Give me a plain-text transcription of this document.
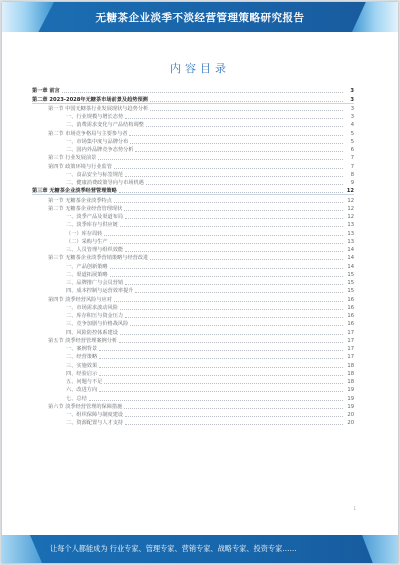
无糖茶企业淡季不淡经营管理策略研究报告
内容目录
第一章 前言	3
第二章 2023-2028年无糖茶市场前景及趋势预测	3
第一节 中国无糖茶行业发展现状与趋势分析	3
一、行业规模与增长态势	3
二、消费需求变化与产品结构调整	4
第二节 市场竞争格局与主要参与者	5
一、市场集中度与品牌分布	5
二、国内外品牌竞争态势分析	6
第三节 行业发展前景	7
第四节 政策环境与行业监管	7
一、食品安全与标签规范	8
二、健康消费政策导向与市场机遇	9
第三章 无糖茶企业淡季经营管理策略	12
第一节 无糖茶企业淡季特点	12
第二节 无糖茶企业经营管理现状	12
一、淡季产品及渠道布局	12
二、淡季库存与供应链	13
（一）库存周转	13
（二）采购与生产	13
三、人员管理与组织效能	14
第三节 无糖茶企业淡季营销策略与经营改进	14
一、产品创新策略	14
二、渠道拓展策略	15
三、品牌推广与会员营销	15
四、成本控制与运营效率提升	15
第四节 淡季经营风险与应对	16
一、市场需求波动风险	16
二、库存积压与资金压力	16
三、竞争加剧与价格战风险	16
四、风险防控体系建设	17
第五节 淡季经营管理案例分析	17
一、案例背景	17
二、经营策略	17
三、实施效果	18
四、经验启示	18
五、问题与不足	18
六、改进方向	19
七、总结	19
第六节 淡季经营管理的保障措施	19
一、组织保障与制度建设	20
二、资源配置与人才支持	20
1
让每个人都能成为 行业专家、管理专家、营销专家、战略专家、投资专家……
